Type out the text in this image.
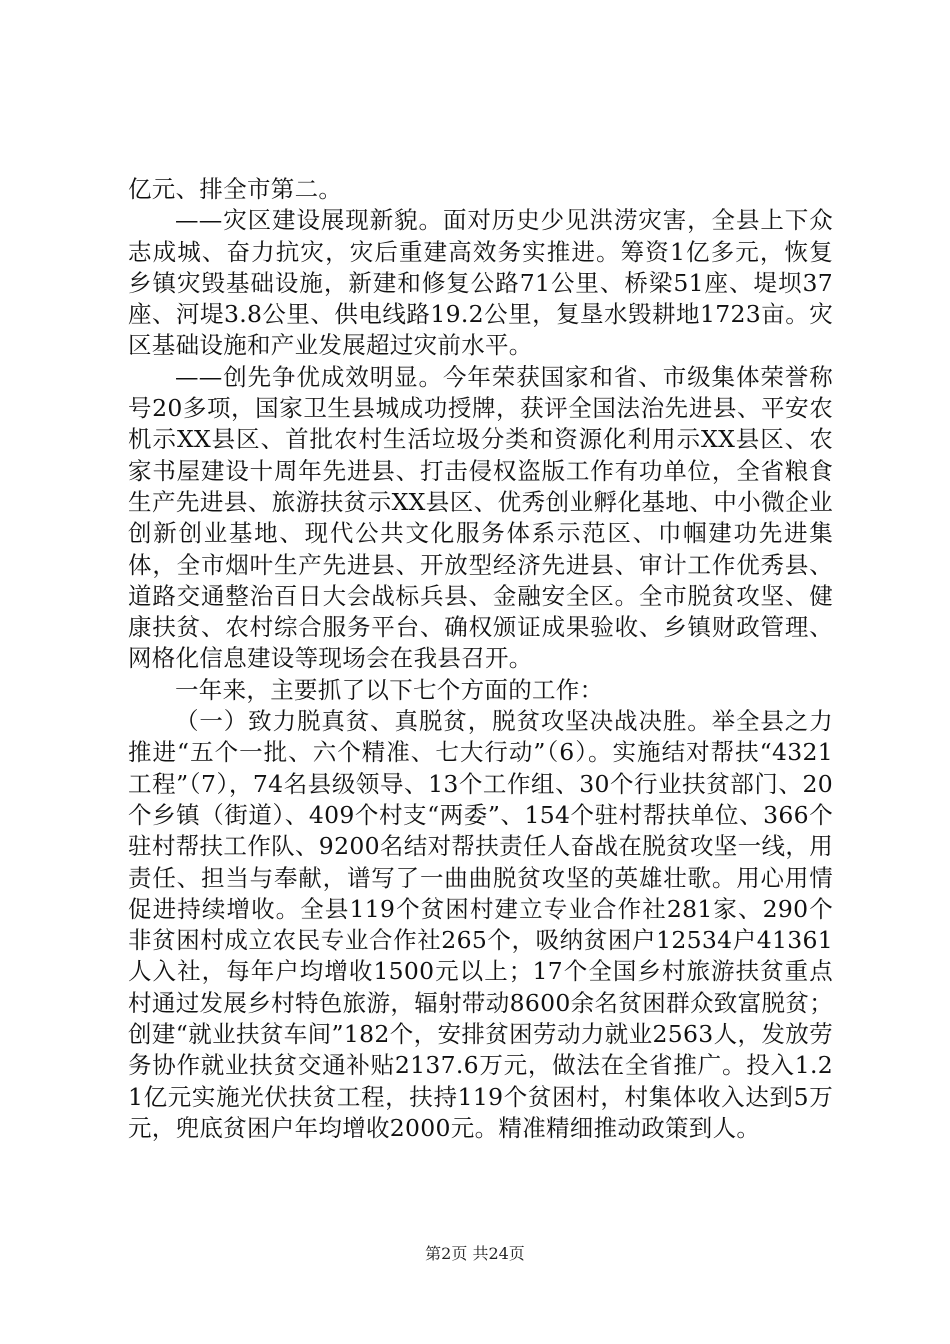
亿元、排全市第二。

——灾区建设展现新貌。面对历史少见洪涝灾害，全县上下众志成城、奋力抗灾，灾后重建高效务实推进。筹资1亿多元，恢复乡镇灾毁基础设施，新建和修复公路71公里、桥梁51座、堤坝37座、河堤3.8公里、供电线路19.2公里，复垦水毁耕地1723亩。灾区基础设施和产业发展超过灾前水平。

——创先争优成效明显。今年荣获国家和省、市级集体荣誉称号20多项，国家卫生县城成功授牌，获评全国法治先进县、平安农机示XX县区、首批农村生活垃圾分类和资源化利用示XX县区、农家书屋建设十周年先进县、打击侵权盗版工作有功单位，全省粮食生产先进县、旅游扶贫示XX县区、优秀创业孵化基地、中小微企业创新创业基地、现代公共文化服务体系示范区、巾帼建功先进集体，全市烟叶生产先进县、开放型经济先进县、审计工作优秀县、道路交通整治百日大会战标兵县、金融安全区。全市脱贫攻坚、健康扶贫、农村综合服务平台、确权颁证成果验收、乡镇财政管理、网格化信息建设等现场会在我县召开。

一年来，主要抓了以下七个方面的工作：

（一）致力脱真贫、真脱贫，脱贫攻坚决战决胜。举全县之力推进“五个一批、六个精准、七大行动”（6）。实施结对帮扶“4321工程”（7），74名县级领导、13个工作组、30个行业扶贫部门、20个乡镇（街道）、409个村支“两委”、154个驻村帮扶单位、366个驻村帮扶工作队、9200名结对帮扶责任人奋战在脱贫攻坚一线，用责任、担当与奉献，谱写了一曲曲脱贫攻坚的英雄壮歌。用心用情促进持续增收。全县119个贫困村建立专业合作社281家、290个非贫困村成立农民专业合作社265个，吸纳贫困户12534户41361人入社，每年户均增收1500元以上；17个全国乡村旅游扶贫重点村通过发展乡村特色旅游，辐射带动8600余名贫困群众致富脱贫；创建“就业扶贫车间”182个，安排贫困劳动力就业2563人，发放劳务协作就业扶贫交通补贴2137.6万元，做法在全省推广。投入1.21亿元实施光伏扶贫工程，扶持119个贫困村，村集体收入达到5万元，兜底贫困户年均增收2000元。精准精细推动政策到人。

第2页 共24页
